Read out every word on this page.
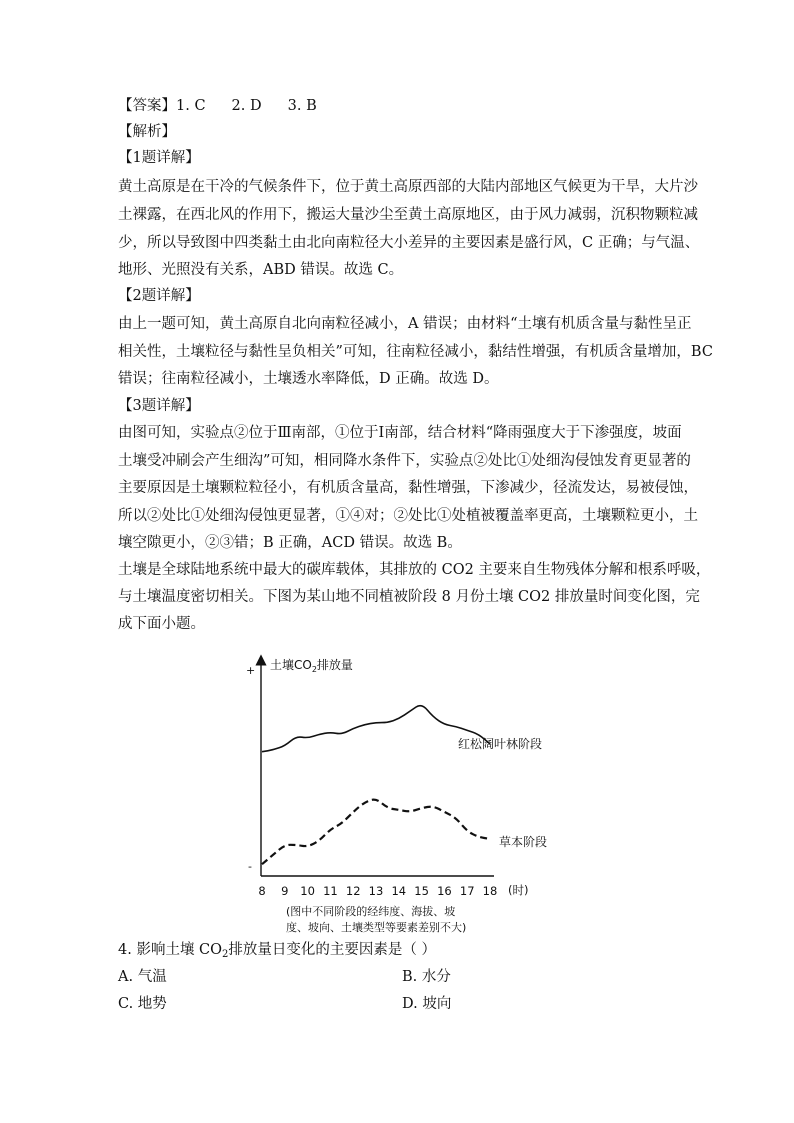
【答案】1. C 2. D 3. B
【解析】
【1题详解】
黄土高原是在干冷的气候条件下，位于黄土高原西部的大陆内部地区气候更为干旱，大片沙
土裸露，在西北风的作用下，搬运大量沙尘至黄土高原地区，由于风力减弱，沉积物颗粒减
少，所以导致图中四类黏土由北向南粒径大小差异的主要因素是盛行风，C 正确；与气温、
地形、光照没有关系，ABD 错误。故选 C。
【2题详解】
由上一题可知，黄土高原自北向南粒径减小，A 错误；由材料“土壤有机质含量与黏性呈正
相关性，土壤粒径与黏性呈负相关”可知，往南粒径减小，黏结性增强，有机质含量增加，BC
错误；往南粒径减小，土壤透水率降低，D 正确。故选 D。
【3题详解】
由图可知，实验点②位于Ⅲ南部，①位于Ⅰ南部，结合材料“降雨强度大于下渗强度，坡面
土壤受冲刷会产生细沟”可知，相同降水条件下，实验点②处比①处细沟侵蚀发育更显著的
主要原因是土壤颗粒粒径小，有机质含量高，黏性增强，下渗减少，径流发达，易被侵蚀，
所以②处比①处细沟侵蚀更显著，①④对；②处比①处植被覆盖率更高，土壤颗粒更小，土
壤空隙更小，②③错；B 正确，ACD 错误。故选 B。
土壤是全球陆地系统中最大的碳库载体，其排放的 CO2 主要来自生物残体分解和根系呼吸，
与土壤温度密切相关。下图为某山地不同植被阶段 8 月份土壤 CO2 排放量时间变化图，完
成下面小题。
土壤$CO_2$排放量
+
-
8 9 10 11 12 13 14 15 16 17 18 (时)
红松阔叶林阶段
草本阶段
(图中不同阶段的经纬度、海拔、坡
度、坡向、土壤类型等要素差别不大)
4. 影响土壤 $CO_2$排放量日变化的主要因素是（ ）
A. 气温	B. 水分
C. 地势	D. 坡向
